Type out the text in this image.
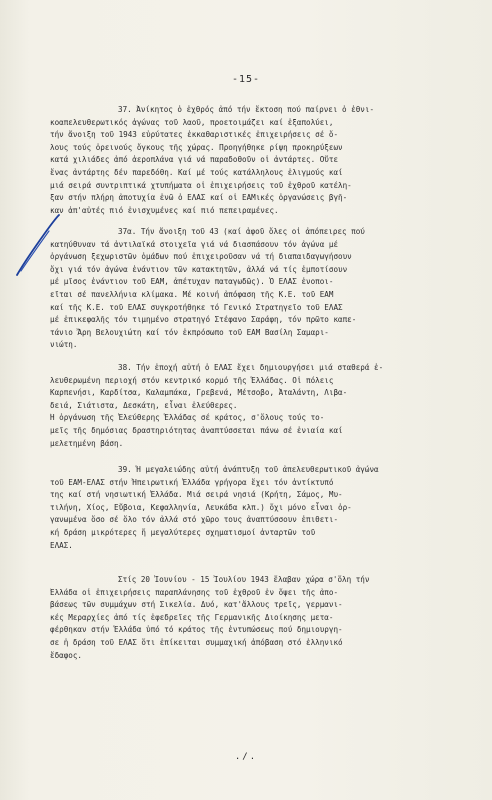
-15-
37. Ἀνίκητος ὁ ἐχθρός ἀπό τήν ἔκτοση πού παίρνει ὁ ἐθνι-
κοαπελευθερωτικός ἀγώνας τοῦ λαοῦ, προετοιμάζει καί ἐξαπολύει,
τήν ἄνοιξη τοῦ 1943 εὐρύτατες ἐκκαθαριστικές ἐπιχειρήσεις σέ ὅ-
λους τούς ὀρεινούς ὄγκους τῆς χώρας. Προηγήθηκε ρίψη προκηρύξεων
κατά χιλιάδες ἀπό ἀεροπλάνα γιά νά παραδοθοῦν οἱ ἀντάρτες. Οὔτε
ἕνας ἀντάρτης δέν παρεδόθη. Καί μέ τούς κατάλληλους ἐλιγμούς καί
μιά σειρά συντριπτικά χτυπήματα οἱ ἐπιχειρήσεις τοῦ ἐχθροῦ κατέλη-
ξαν στήν πλήρη ἀποτυχία ἐνῶ ὁ ΕΛΑΣ καί οἱ ΕΑΜικές ὀργανώσεις βγῆ-
καν ἀπ'αὐτές πιό ἐνισχυμένες καί πιό πεπειραμένες.
37α. Τήν ἄνοιξη τοῦ 43 (καί ἀφοῦ ὅλες οἱ ἀπόπειρες πού
κατηύθυναν τά ἀντιλαϊκά στοιχεῖα γιά νά διασπάσουν τόν ἀγώνα μέ
ὀργάνωση ξεχωριστῶν ὁμάδων πού ἐπιχειροῦσαν νά τή διαπαιδαγωγήσουν
ὄχι γιά τόν ἀγώνα ἐνάντιον τῶν κατακτητῶν, ἀλλά νά τίς ἐμποτίσουν
μέ μῖσος ἐνάντιον τοῦ ΕΑΜ, ἀπέτυχαν παταγωδῶς). Ὁ ΕΛΑΣ ἐνοποι-
εῖται σέ πανελλήνια κλίμακα. Μέ κοινή ἀπόφαση τῆς Κ.Ε. τοῦ ΕΑΜ
καί τῆς Κ.Ε. τοῦ ΕΛΑΣ συγκροτήθηκε τό Γενικό Στρατηγεῖο τοῦ ΕΛΑΣ
μέ ἐπικεφαλῆς τόν τιμημένο στρατηγό Στέφανο Σαράφη, τόν πρῶτο καπε-
τάνιο Ἄρη Βελουχιώτη καί τόν ἐκπρόσωπο τοῦ ΕΑΜ Βασίλη Σαμαρι-
νιώτη.
38. Τήν ἐποχή αὐτή ὁ ΕΛΑΣ ἔχει δημιουργήσει μιά σταθερά ἐ-
λευθερωμένη περιοχή στόν κεντρικό κορμό τῆς Ἑλλάδας. Οἱ πόλεις
Καρπενήσι, Καρδίτσα, Καλαμπάκα, Γρεβενά, Μέτσοβο, Ἀταλάντη, Λιβα-
δειά, Σιάτιστα, Δεσκάτη, εἶναι ἐλεύθερες.
Ἡ ὀργάνωση τῆς Ἐλεύθερης Ἑλλάδας σέ κράτος, σ'ὅλους τούς το-
μεῖς τῆς δημόσιας δραστηριότητας ἀναπτύσσεται πάνω σέ ἑνιαία καί
μελετημένη βάση.
39. Ἡ μεγαλειώδης αὐτή ἀνάπτυξη τοῦ ἀπελευθερωτικοῦ ἀγώνα
τοῦ ΕΑΜ-ΕΛΑΣ στήν Ἠπειρωτική Ἑλλάδα γρήγορα ἔχει τόν ἀντίκτυπό
της καί στή νησιωτική Ἑλλάδα. Μιά σειρά νησιά (Κρήτη, Σάμος, Μυ-
τιλήνη, Χίος, Εὔβοια, Κεφαλληνία, Λευκάδα κλπ.) ὄχι μόνο εἶναι ὀρ-
γανωμένα ὅσο σέ ὅλο τόν ἀλλά στό χῶρο τους ἀναπτύσσουν ἐπιθετι-
κή δράση μικρότερες ἤ μεγαλύτερες σχηματισμοί ἀνταρτῶν τοῦ
ΕΛΑΣ.
Στίς 20 Ἰουνίου - 15 Ἰουλίου 1943 ἔλαβαν χώρα σ'ὅλη τήν
Ἑλλάδα οἱ ἐπιχειρήσεις παραπλάνησης τοῦ ἐχθροῦ ἐν ὄψει τῆς ἀπο-
βάσεως τῶν συμμάχων στή Σικελία. Δυό, κατ'ἄλλους τρεῖς, γερμανι-
κές Μεραρχίες ἀπό τίς ἐφεδρεῖες τῆς Γερμανικῆς Διοίκησης μετα-
φέρθηκαν στήν Ἑλλάδα ὑπό τό κράτος τῆς ἐντυπώσεως πού δημιουργη-
σε ἡ δράση τοῦ ΕΛΑΣ ὅτι ἐπίκειται συμμαχική ἀπόβαση στό ἑλληνικό
ἔδαφος.
./.
